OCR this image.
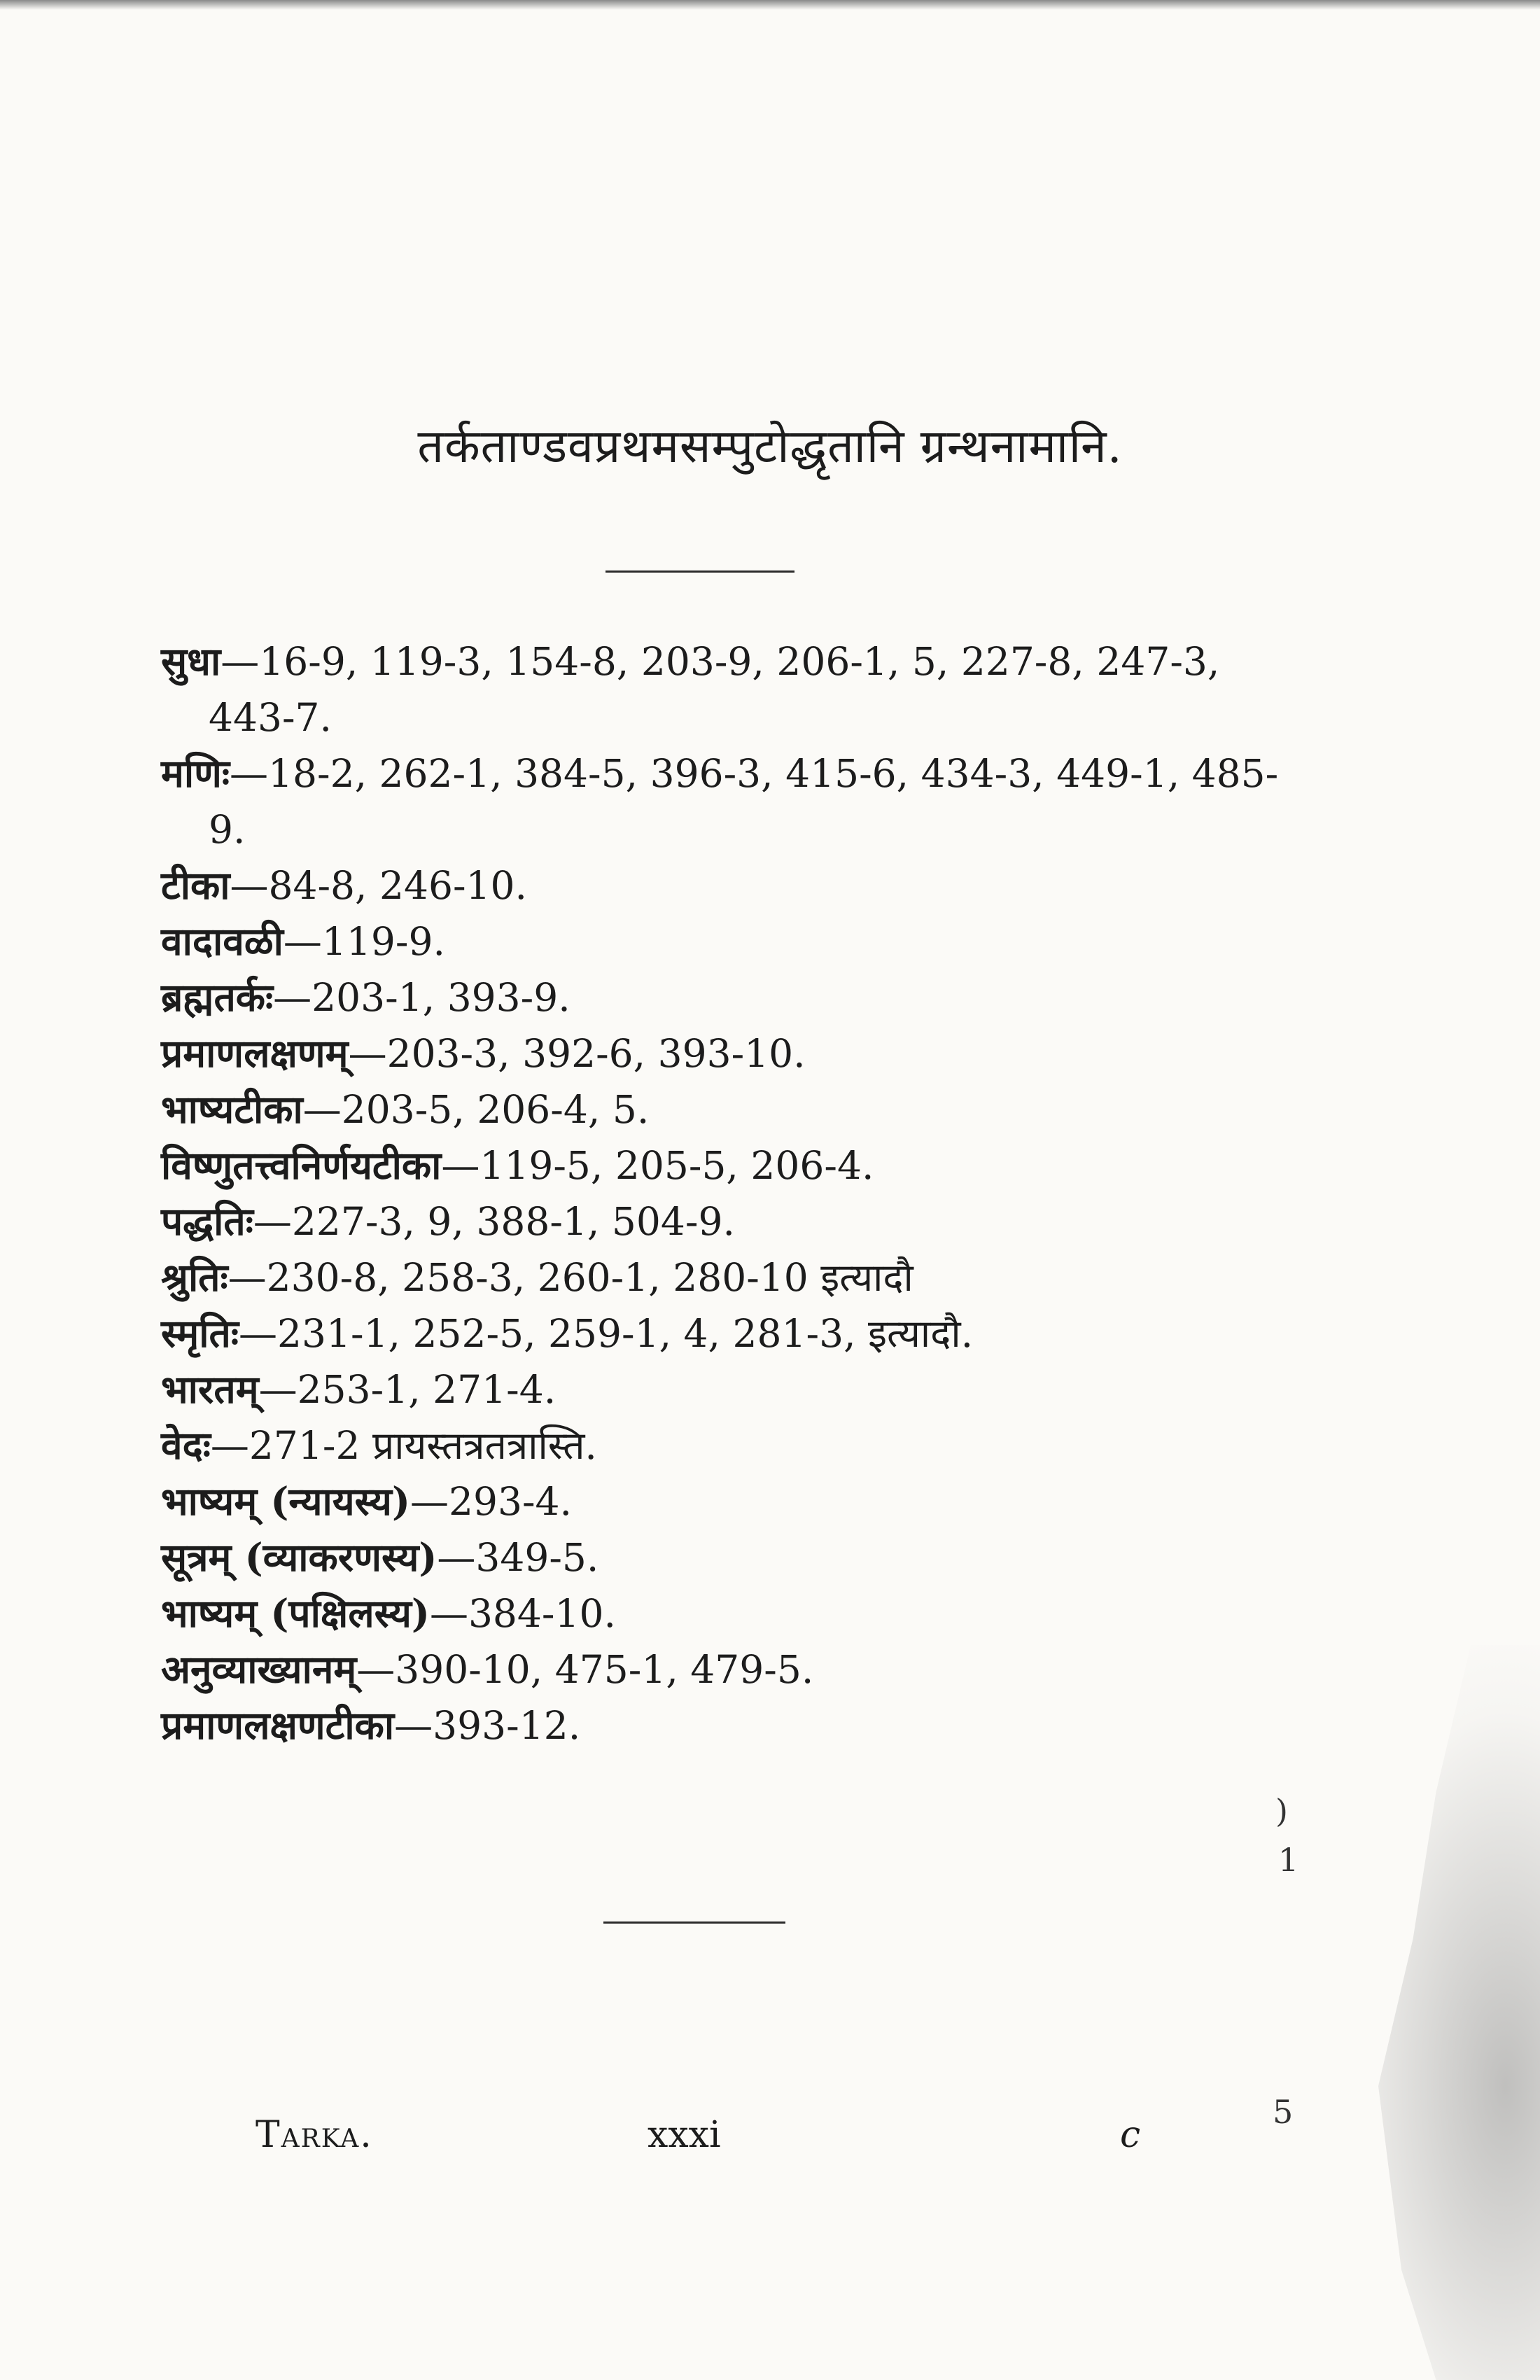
तर्कताण्डवप्रथमसम्पुटोद्धृतानि ग्रन्थनामानि.
सुधा—16-9, 119-3, 154-8, 203-9, 206-1, 5, 227-8, 247-3, 443-7.
मणिः—18-2, 262-1, 384-5, 396-3, 415-6, 434-3, 449-1, 485-9.
टीका—84-8, 246-10.
वादावळी—119-9.
ब्रह्मतर्कः—203-1, 393-9.
प्रमाणलक्षणम्—203-3, 392-6, 393-10.
भाष्यटीका—203-5, 206-4, 5.
विष्णुतत्त्वनिर्णयटीका—119-5, 205-5, 206-4.
पद्धतिः—227-3, 9, 388-1, 504-9.
श्रुतिः—230-8, 258-3, 260-1, 280-10 इत्यादौ
स्मृतिः—231-1, 252-5, 259-1, 4, 281-3, इत्यादौ.
भारतम्—253-1, 271-4.
वेदः—271-2 प्रायस्तत्रतत्रास्ति.
भाष्यम् (न्यायस्य)—293-4.
सूत्रम् (व्याकरणस्य)—349-5.
भाष्यम् (पक्षिलस्य)—384-10.
अनुव्याख्यानम्—390-10, 475-1, 479-5.
प्रमाणलक्षणटीका—393-12.
)
1
5
Tarka.	xxxi	c
